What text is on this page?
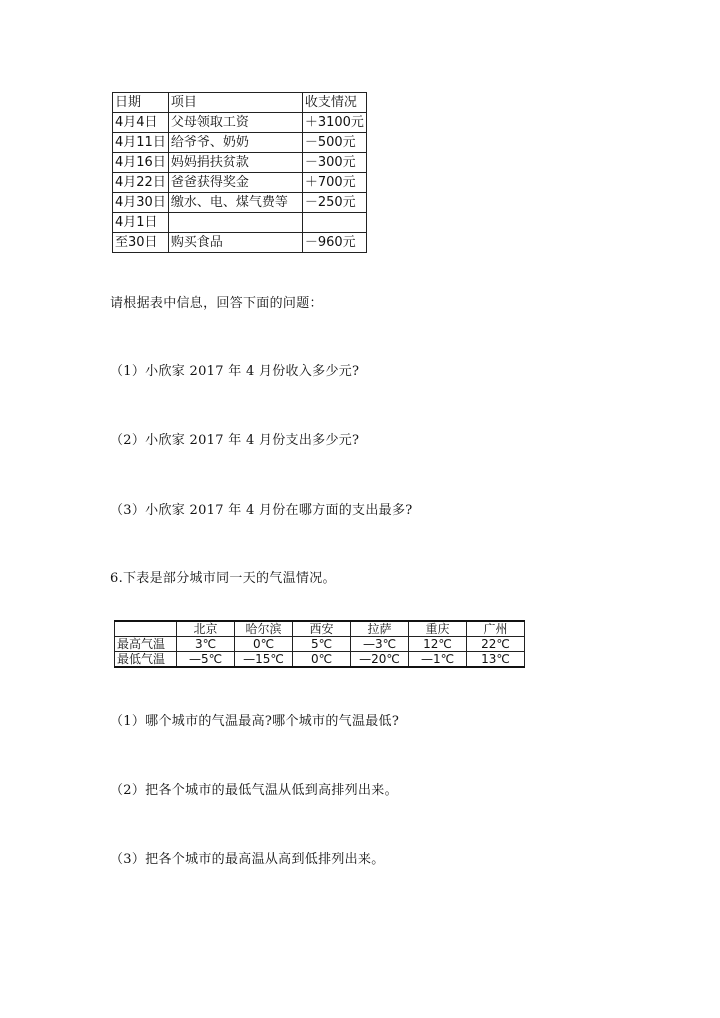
日期	项目	收支情况
4月4日	父母领取工资	＋3100元
4月11日	给爷爷、奶奶	－500元
4月16日	妈妈捐扶贫款	－300元
4月22日	爸爸获得奖金	＋700元
4月30日	缴水、电、煤气费等	－250元
4月1日		
至30日	购买食品	－960元
请根据表中信息，回答下面的问题：
（1）小欣家 2017 年 4 月份收入多少元?
（2）小欣家 2017 年 4 月份支出多少元?
（3）小欣家 2017 年 4 月份在哪方面的支出最多?
6.下表是部分城市同一天的气温情况。
	北京	哈尔滨	西安	拉萨	重庆	广州
最高气温	3℃	0℃	5℃	—3℃	12℃	22℃
最低气温	—5℃	—15℃	0℃	—20℃	—1℃	13℃
（1）哪个城市的气温最高?哪个城市的气温最低?
（2）把各个城市的最低气温从低到高排列出来。
（3）把各个城市的最高温从高到低排列出来。
